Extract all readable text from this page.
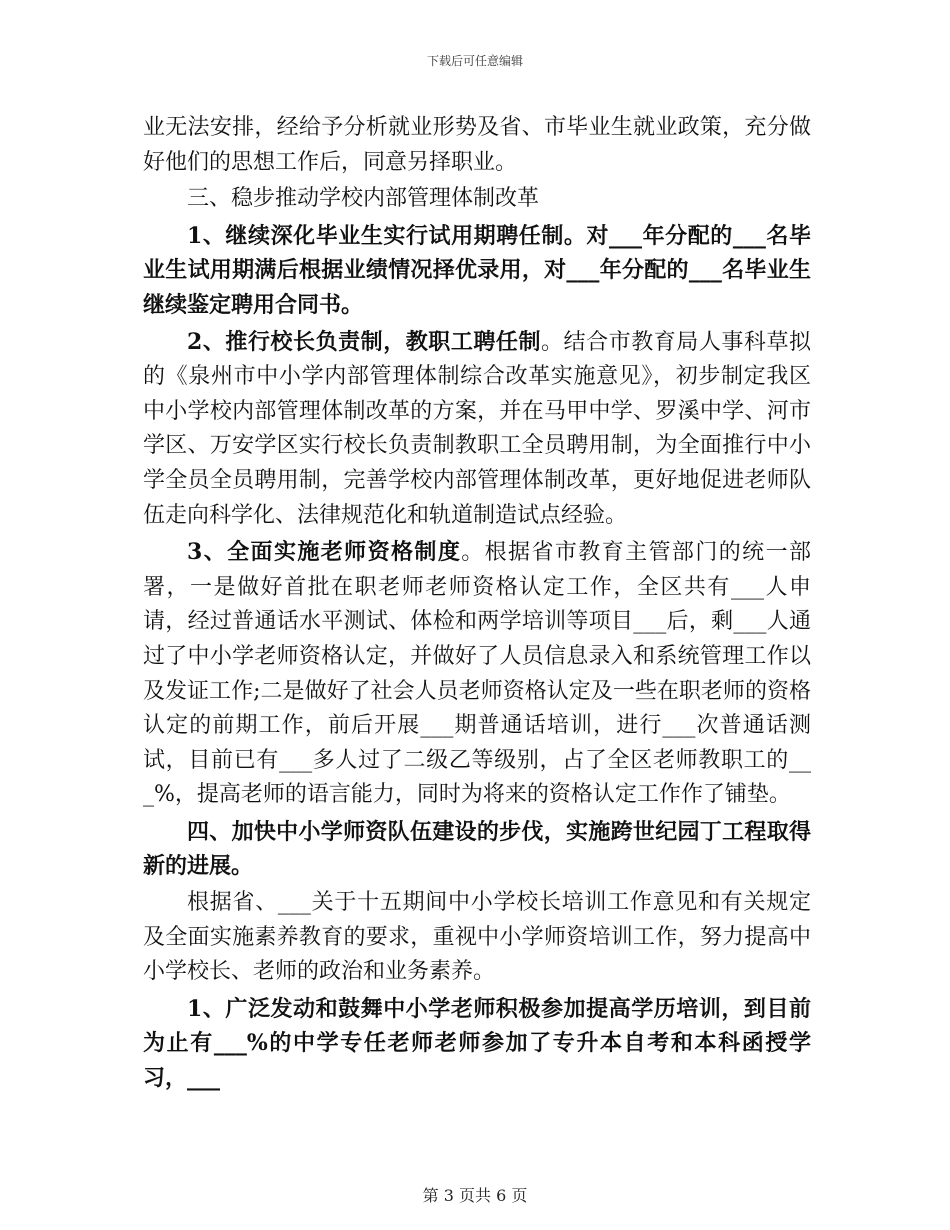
下载后可任意编辑

业无法安排，经给予分析就业形势及省、市毕业生就业政策，充分做好他们的思想工作后，同意另择职业。

三、稳步推动学校内部管理体制改革

1、继续深化毕业生实行试用期聘任制。对___年分配的___名毕业生试用期满后根据业绩情况择优录用，对___年分配的___名毕业生继续鉴定聘用合同书。

2、推行校长负责制，教职工聘任制。结合市教育局人事科草拟的《泉州市中小学内部管理体制综合改革实施意见》，初步制定我区中小学校内部管理体制改革的方案，并在马甲中学、罗溪中学、河市学区、万安学区实行校长负责制教职工全员聘用制，为全面推行中小学全员全员聘用制，完善学校内部管理体制改革，更好地促进老师队伍走向科学化、法律规范化和轨道制造试点经验。

3、全面实施老师资格制度。根据省市教育主管部门的统一部署，一是做好首批在职老师老师资格认定工作，全区共有___人申请，经过普通话水平测试、体检和两学培训等项目___后，剩___人通过了中小学老师资格认定，并做好了人员信息录入和系统管理工作以及发证工作;二是做好了社会人员老师资格认定及一些在职老师的资格认定的前期工作，前后开展___期普通话培训，进行___次普通话测试，目前已有___多人过了二级乙等级别，占了全区老师教职工的___%，提高老师的语言能力，同时为将来的资格认定工作作了铺垫。

四、加快中小学师资队伍建设的步伐，实施跨世纪园丁工程取得新的进展。

根据省、___关于十五期间中小学校长培训工作意见和有关规定及全面实施素养教育的要求，重视中小学师资培训工作，努力提高中小学校长、老师的政治和业务素养。

1、广泛发动和鼓舞中小学老师积极参加提高学历培训，到目前为止有___%的中学专任老师老师参加了专升本自考和本科函授学习，___

第 3 页共 6 页
